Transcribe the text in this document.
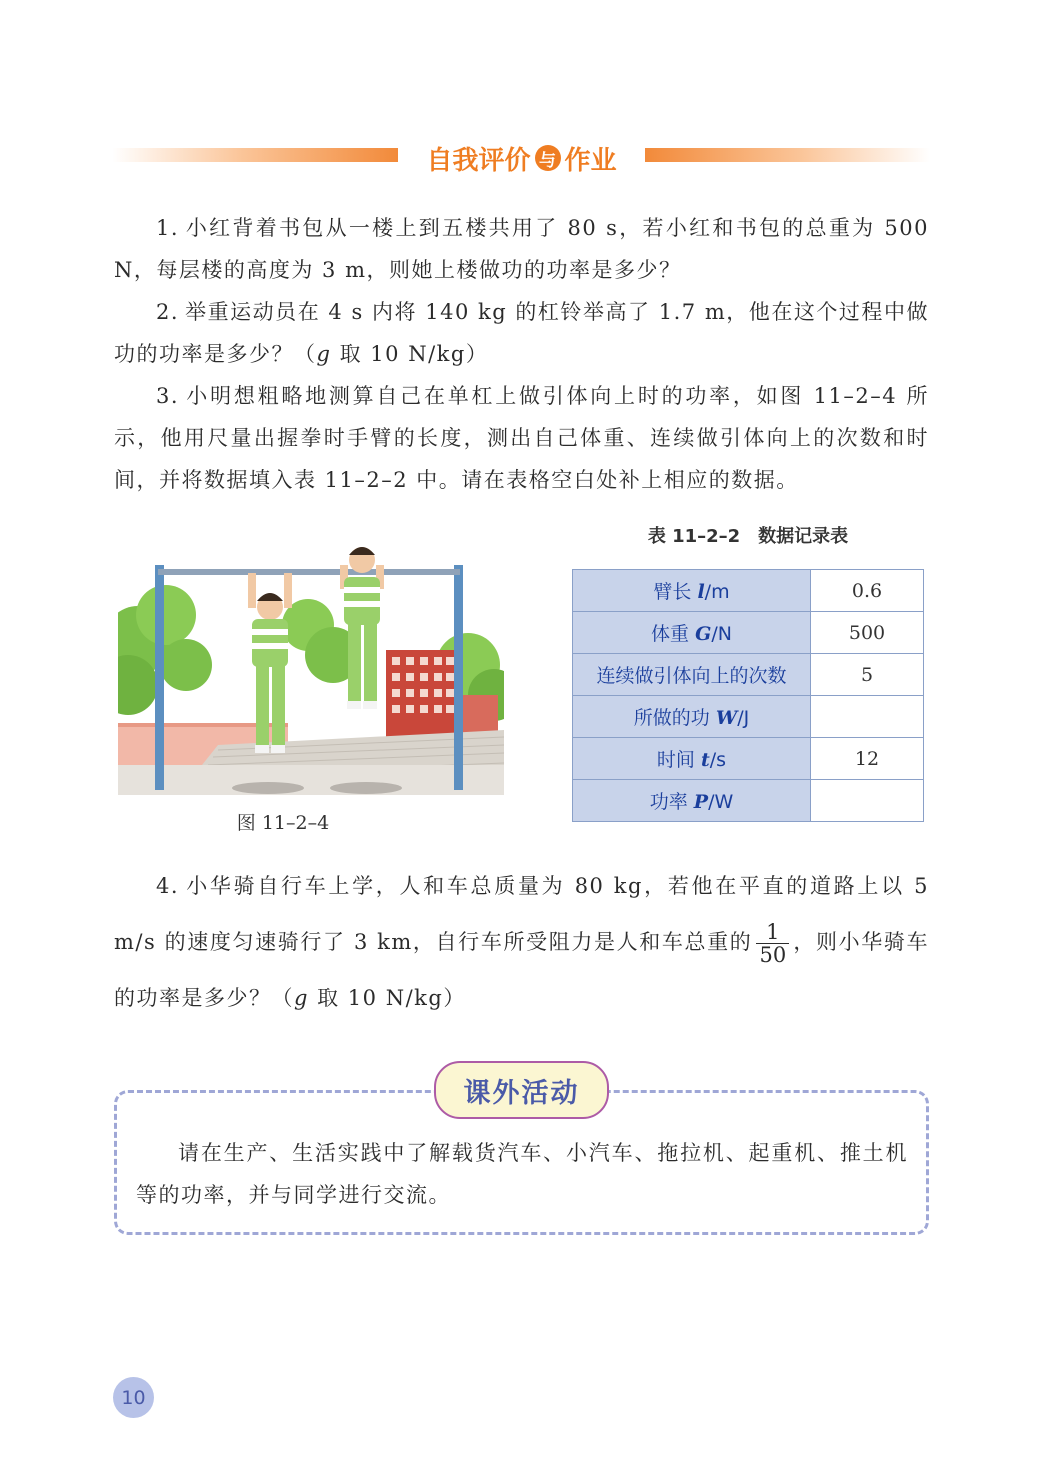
自我评价 与 作业

1. 小红背着书包从一楼上到五楼共用了 80 s，若小红和书包的总重为 500 N，每层楼的高度为 3 m，则她上楼做功的功率是多少？

2. 举重运动员在 4 s 内将 140 kg 的杠铃举高了 1.7 m，他在这个过程中做功的功率是多少？（g 取 10 N/kg）

3. 小明想粗略地测算自己在单杠上做引体向上时的功率，如图 11–2–4 所示，他用尺量出握拳时手臂的长度，测出自己体重、连续做引体向上的次数和时间，并将数据填入表 11–2–2 中。请在表格空白处补上相应的数据。

图 11–2–4
表 11–2–2　数据记录表
臂长 l/m	0.6
体重 G/N	500
连续做引体向上的次数	5
所做的功 W/J	
时间 t/s	12
功率 P/W	

4. 小华骑自行车上学，人和车总质量为 80 kg，若他在平直的道路上以 5 m/s 的速度匀速骑行了 3 km，自行车所受阻力是人和车总重的 $\frac{1}{50}$ ，则小华骑车的功率是多少？（g 取 10 N/kg）

课外活动

请在生产、生活实践中了解载货汽车、小汽车、拖拉机、起重机、推土机等的功率，并与同学进行交流。

10
